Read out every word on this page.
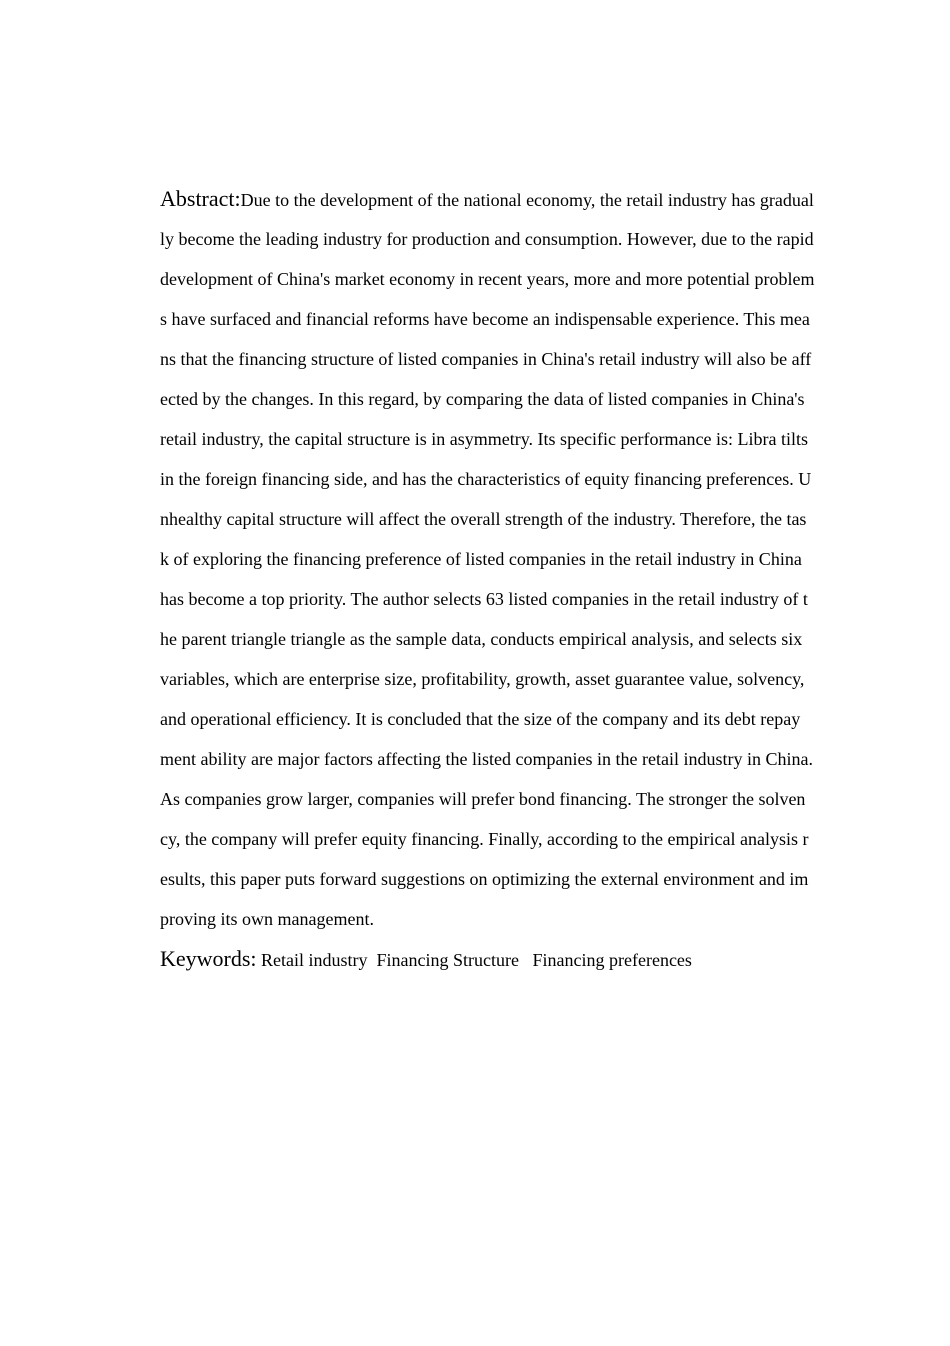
Abstract:Due to the development of the national economy, the retail industry has gradual
ly become the leading industry for production and consumption. However, due to the rapid
development of China's market economy in recent years, more and more potential problem
s have surfaced and financial reforms have become an indispensable experience. This mea
ns that the financing structure of listed companies in China's retail industry will also be aff
ected by the changes. In this regard, by comparing the data of listed companies in China's
retail industry, the capital structure is in asymmetry. Its specific performance is: Libra tilts
in the foreign financing side, and has the characteristics of equity financing preferences. U
nhealthy capital structure will affect the overall strength of the industry. Therefore, the tas
k of exploring the financing preference of listed companies in the retail industry in China
has become a top priority. The author selects 63 listed companies in the retail industry of t
he parent triangle triangle as the sample data, conducts empirical analysis, and selects six
variables, which are enterprise size, profitability, growth, asset guarantee value, solvency,
and operational efficiency. It is concluded that the size of the company and its debt repay
ment ability are major factors affecting the listed companies in the retail industry in China.
As companies grow larger, companies will prefer bond financing. The stronger the solven
cy, the company will prefer equity financing. Finally, according to the empirical analysis r
esults, this paper puts forward suggestions on optimizing the external environment and im
proving its own management.
Keywords: Retail industry  Financing Structure   Financing preferences
